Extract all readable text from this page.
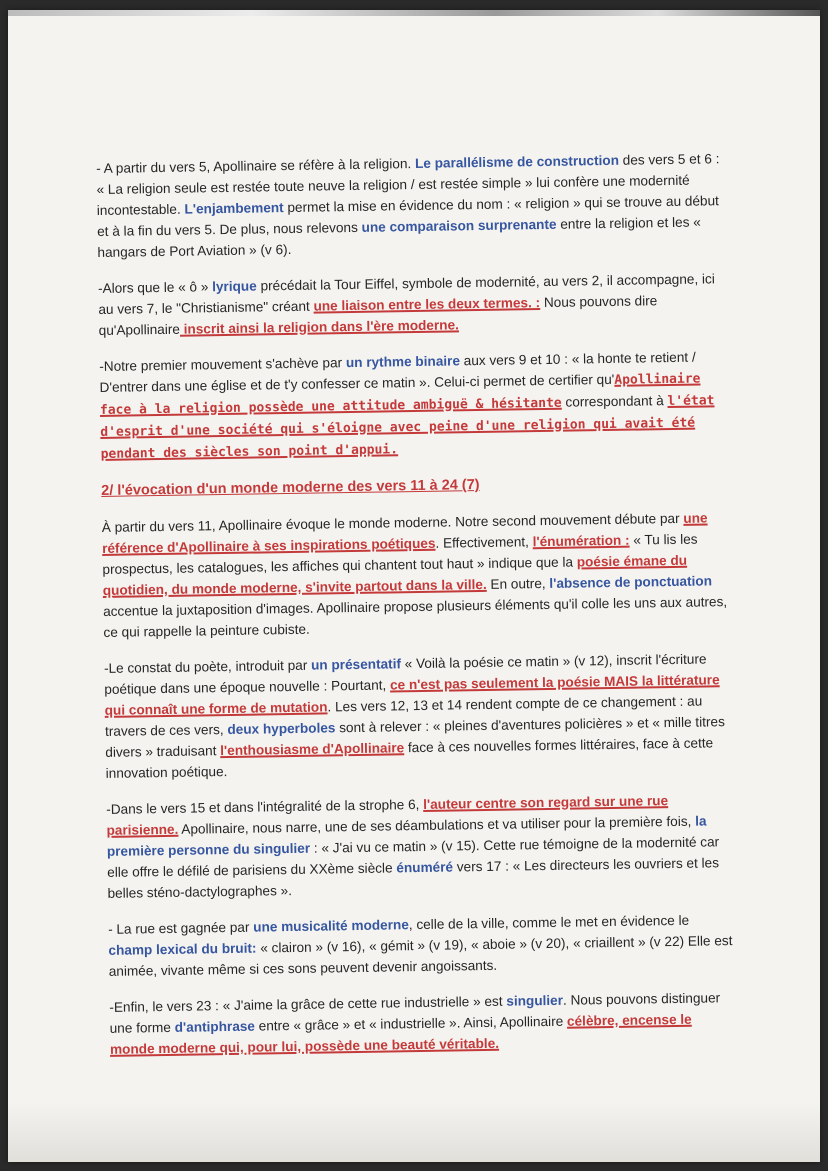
- A partir du vers 5, Apollinaire se réfère à la religion. Le parallélisme de construction des vers 5 et 6 : « La religion seule est restée toute neuve la religion / est restée simple » lui confère une modernité incontestable. L'enjambement permet la mise en évidence du nom : « religion » qui se trouve au début et à la fin du vers 5. De plus, nous relevons une comparaison surprenante entre la religion et les « hangars de Port Aviation » (v 6).

-Alors que le « ô » lyrique précédait la Tour Eiffel, symbole de modernité, au vers 2, il accompagne, ici au vers 7, le "Christianisme" créant une liaison entre les deux termes. : Nous pouvons dire qu'Apollinaire inscrit ainsi la religion dans l'ère moderne.

-Notre premier mouvement s'achève par un rythme binaire aux vers 9 et 10 : « la honte te retient / D'entrer dans une église et de t'y confesser ce matin ». Celui-ci permet de certifier qu'Apollinaire face à la religion possède une attitude ambiguë & hésitante correspondant à l'état d'esprit d'une société qui s'éloigne avec peine d'une religion qui avait été pendant des siècles son point d'appui.

2/ l'évocation d'un monde moderne des vers 11 à 24 (7)

À partir du vers 11, Apollinaire évoque le monde moderne. Notre second mouvement débute par une référence d'Apollinaire à ses inspirations poétiques. Effectivement, l'énumération : « Tu lis les prospectus, les catalogues, les affiches qui chantent tout haut » indique que la poésie émane du quotidien, du monde moderne, s'invite partout dans la ville. En outre, l'absence de ponctuation accentue la juxtaposition d'images. Apollinaire propose plusieurs éléments qu'il colle les uns aux autres, ce qui rappelle la peinture cubiste.

-Le constat du poète, introduit par un présentatif « Voilà la poésie ce matin » (v 12), inscrit l'écriture poétique dans une époque nouvelle : Pourtant, ce n'est pas seulement la poésie MAIS la littérature qui connaît une forme de mutation. Les vers 12, 13 et 14 rendent compte de ce changement : au travers de ces vers, deux hyperboles sont à relever : « pleines d'aventures policières » et « mille titres divers » traduisant l'enthousiasme d'Apollinaire face à ces nouvelles formes littéraires, face à cette innovation poétique.

-Dans le vers 15 et dans l'intégralité de la strophe 6, l'auteur centre son regard sur une rue parisienne. Apollinaire, nous narre, une de ses déambulations et va utiliser pour la première fois, la première personne du singulier : « J'ai vu ce matin » (v 15). Cette rue témoigne de la modernité car elle offre le défilé de parisiens du XXème siècle énuméré vers 17 : « Les directeurs les ouvriers et les belles sténo-dactylographes ».

- La rue est gagnée par une musicalité moderne, celle de la ville, comme le met en évidence le champ lexical du bruit: « clairon » (v 16), « gémit » (v 19), « aboie » (v 20), « criaillent » (v 22) Elle est animée, vivante même si ces sons peuvent devenir angoissants.

-Enfin, le vers 23 : « J'aime la grâce de cette rue industrielle » est singulier. Nous pouvons distinguer une forme d'antiphrase entre « grâce » et « industrielle ». Ainsi, Apollinaire célèbre, encense le monde moderne qui, pour lui, possède une beauté véritable.
